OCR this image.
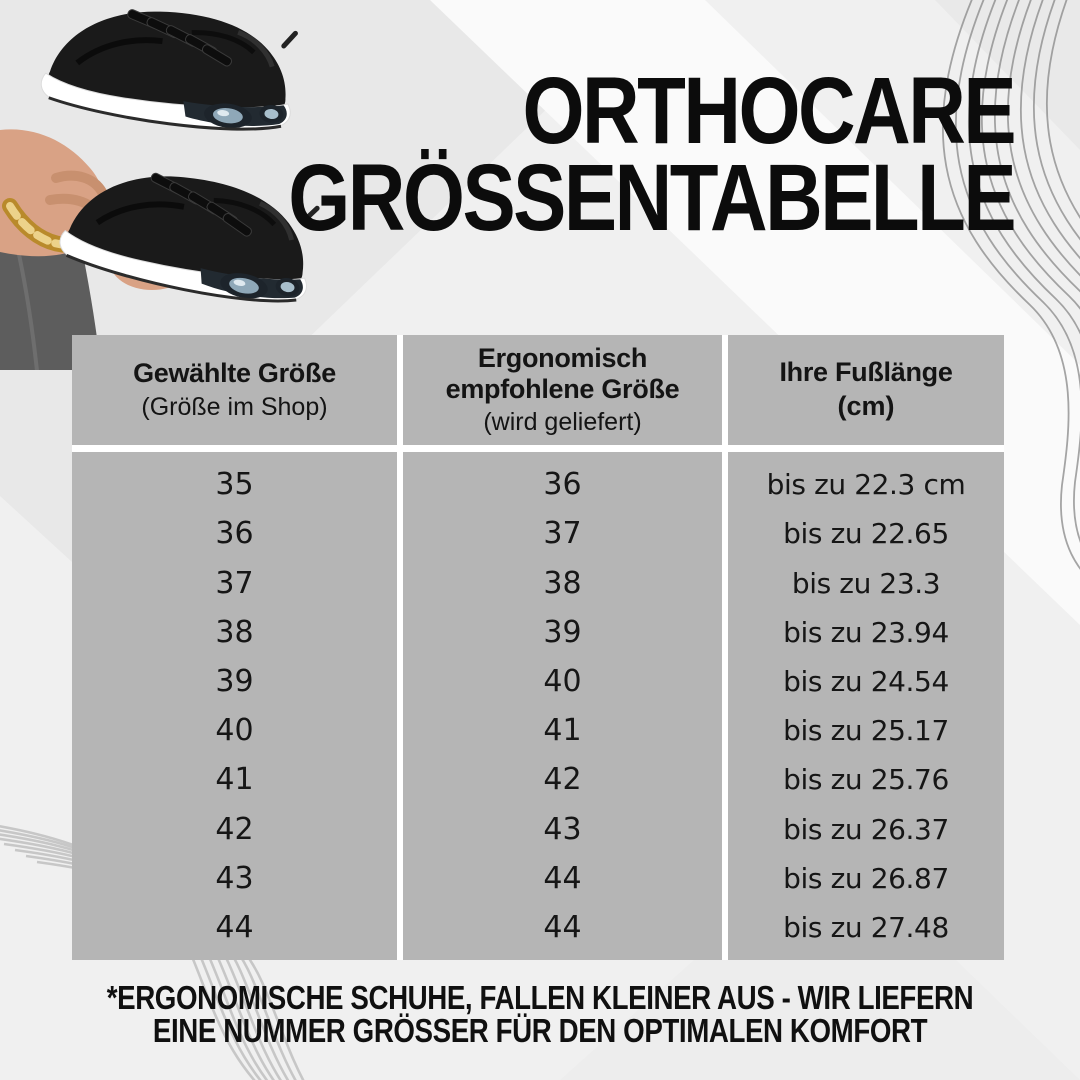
ORTHOCARE
GRÖSSENTABELLE
Gewählte Größe
(Größe im Shop)
Ergonomisch empfohlene Größe
(wird geliefert)
Ihre Fußlänge
(cm)
35
36
37
38
39
40
41
42
43
44
36
37
38
39
40
41
42
43
44
44
bis zu 22.3 cm
bis zu 22.65
bis zu 23.3
bis zu 23.94
bis zu 24.54
bis zu 25.17
bis zu 25.76
bis zu 26.37
bis zu 26.87
bis zu 27.48
*ERGONOMISCHE SCHUHE, FALLEN KLEINER AUS - WIR LIEFERN
EINE NUMMER GRÖSSER FÜR DEN OPTIMALEN KOMFORT
